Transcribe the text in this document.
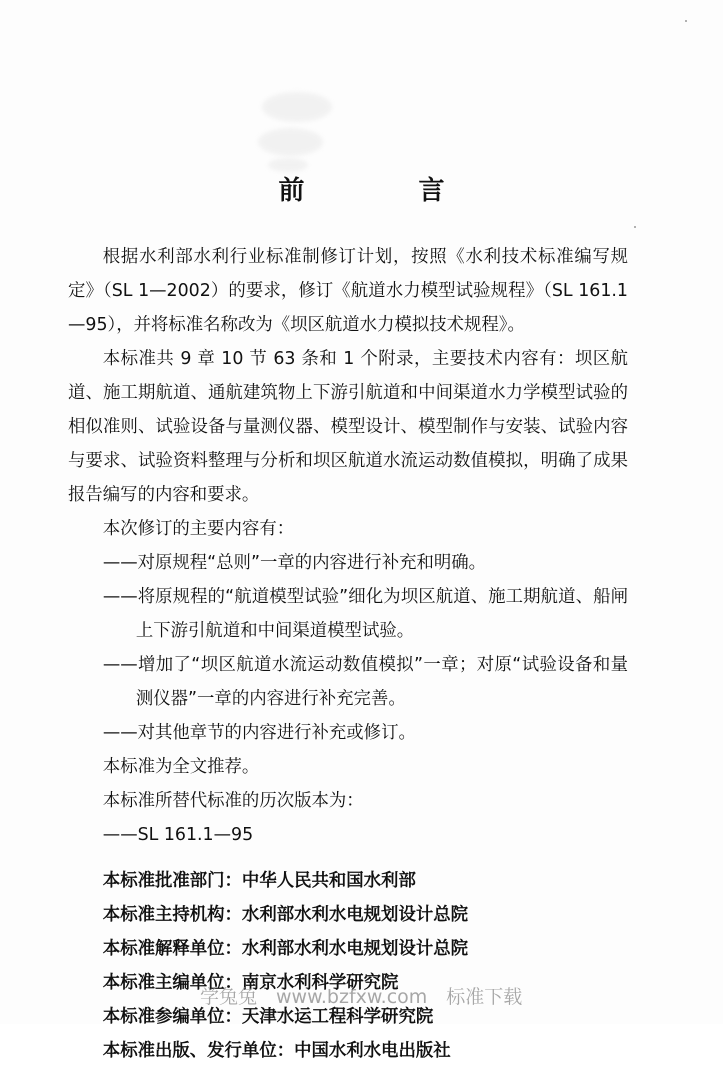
前　言

根据水利部水利行业标准制修订计划，按照《水利技术标准编写规定》（SL 1—2002）的要求，修订《航道水力模型试验规程》（SL 161.1—95），并将标准名称改为《坝区航道水力模拟技术规程》。

本标准共 9 章 10 节 63 条和 1 个附录，主要技术内容有：坝区航道、施工期航道、通航建筑物上下游引航道和中间渠道水力学模型试验的相似准则、试验设备与量测仪器、模型设计、模型制作与安装、试验内容与要求、试验资料整理与分析和坝区航道水流运动数值模拟，明确了成果报告编写的内容和要求。

本次修订的主要内容有：

——对原规程“总则”一章的内容进行补充和明确。

——将原规程的“航道模型试验”细化为坝区航道、施工期航道、船闸上下游引航道和中间渠道模型试验。

——增加了“坝区航道水流运动数值模拟”一章；对原“试验设备和量测仪器”一章的内容进行补充完善。

——对其他章节的内容进行补充或修订。

本标准为全文推荐。

本标准所替代标准的历次版本为：

——SL 161.1—95

本标准批准部门：中华人民共和国水利部

本标准主持机构：水利部水利水电规划设计总院

本标准解释单位：水利部水利水电规划设计总院

本标准主编单位：南京水利科学研究院

本标准参编单位：天津水运工程科学研究院

本标准出版、发行单位：中国水利水电出版社

学兔兔　www.bzfxw.com　标准下载
